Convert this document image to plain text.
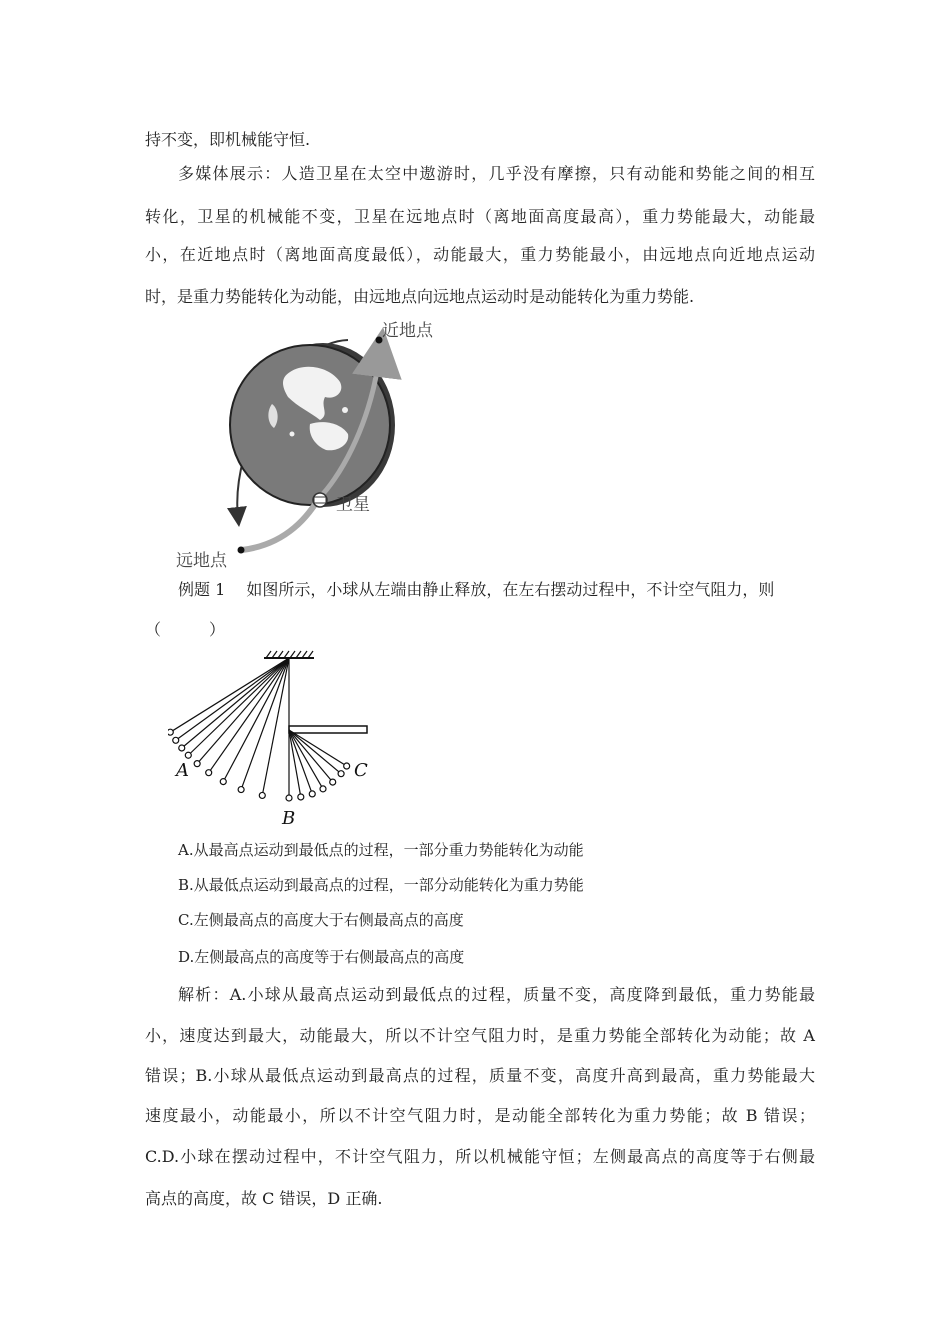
持不变，即机械能守恒.
多媒体展示：人造卫星在太空中遨游时，几乎没有摩擦，只有动能和势能之间的相互
转化，卫星的机械能不变，卫星在远地点时（离地面高度最高），重力势能最大，动能最
小，在近地点时（离地面高度最低），动能最大，重力势能最小，由远地点向近地点运动
时，是重力势能转化为动能，由远地点向远地点运动时是动能转化为重力势能.
近地点
卫星
远地点
例题 1　 如图所示，小球从左端由静止释放，在左右摆动过程中，不计空气阻力，则
（　　　）
A	C
B
A.从最高点运动到最低点的过程，一部分重力势能转化为动能
B.从最低点运动到最高点的过程，一部分动能转化为重力势能
C.左侧最高点的高度大于右侧最高点的高度
D.左侧最高点的高度等于右侧最高点的高度
解析：A.小球从最高点运动到最低点的过程，质量不变，高度降到最低，重力势能最
小，速度达到最大，动能最大，所以不计空气阻力时，是重力势能全部转化为动能；故 A
错误；B.小球从最低点运动到最高点的过程，质量不变，高度升高到最高，重力势能最大
速度最小，动能最小，所以不计空气阻力时，是动能全部转化为重力势能；故 B 错误；
C.D.小球在摆动过程中，不计空气阻力，所以机械能守恒；左侧最高点的高度等于右侧最
高点的高度，故 C 错误，D 正确.
